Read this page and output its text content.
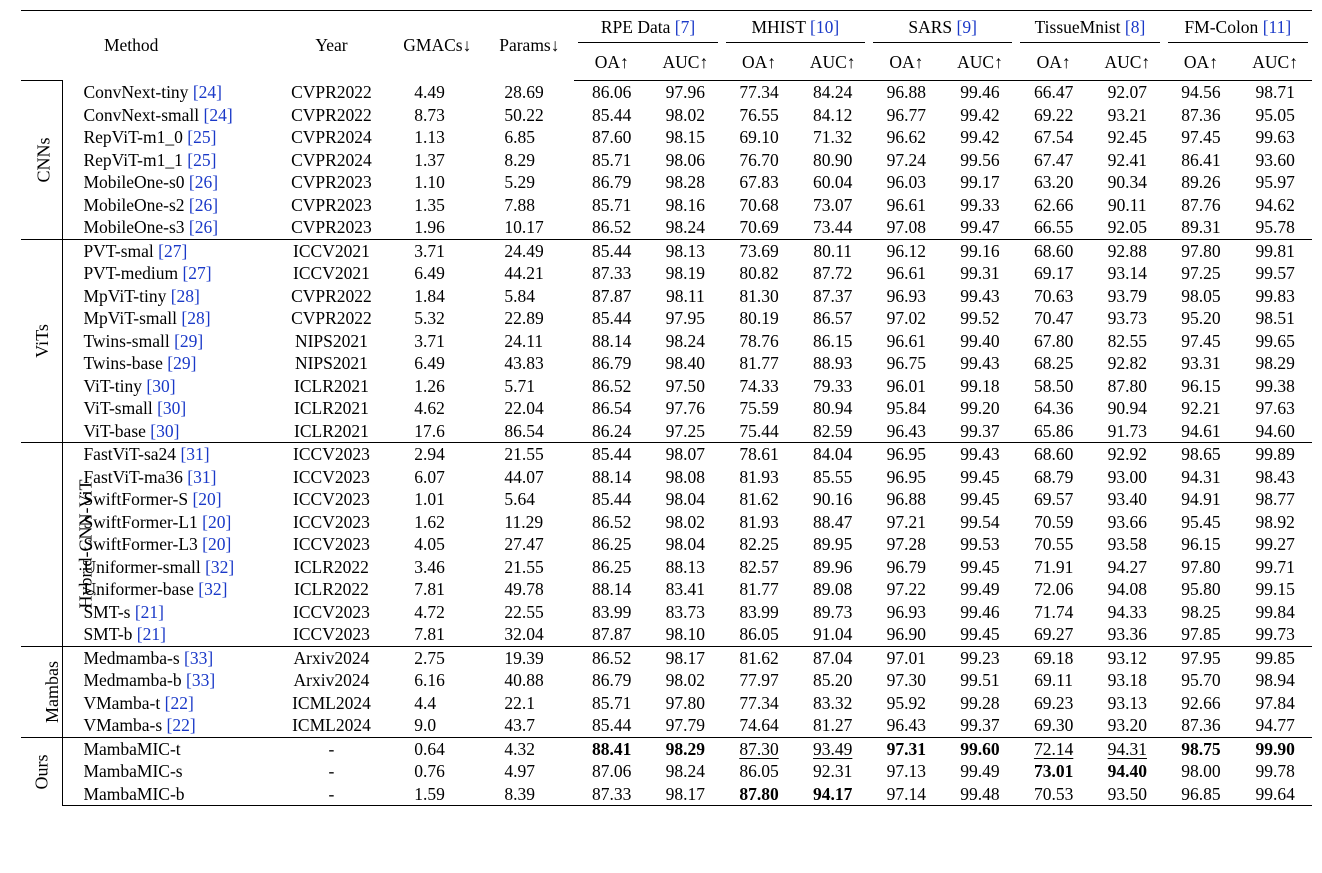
	Method	Year	GMACs↓	Params↓	RPE Data [7]		MHIST [10]		SARS [9]		TissueMnist [8]		FM-Colon [11]	

					OA↑	AUC↑	OA↑	AUC↑	OA↑	AUC↑	OA↑	AUC↑	OA↑	AUC↑
CNNs	ConvNext-tiny [24]	CVPR2022	4.49	28.69	86.06	97.96	77.34	84.24	96.88	99.46	66.47	92.07	94.56	98.71
	ConvNext-small [24]	CVPR2022	8.73	50.22	85.44	98.02	76.55	84.12	96.77	99.42	69.22	93.21	87.36	95.05
	RepViT-m1_0 [25]	CVPR2024	1.13	6.85	87.60	98.15	69.10	71.32	96.62	99.42	67.54	92.45	97.45	99.63
	RepViT-m1_1 [25]	CVPR2024	1.37	8.29	85.71	98.06	76.70	80.90	97.24	99.56	67.47	92.41	86.41	93.60
	MobileOne-s0 [26]	CVPR2023	1.10	5.29	86.79	98.28	67.83	60.04	96.03	99.17	63.20	90.34	89.26	95.97
	MobileOne-s2 [26]	CVPR2023	1.35	7.88	85.71	98.16	70.68	73.07	96.61	99.33	62.66	90.11	87.76	94.62
	MobileOne-s3 [26]	CVPR2023	1.96	10.17	86.52	98.24	70.69	73.44	97.08	99.47	66.55	92.05	89.31	95.78
ViTs	PVT-smal [27]	ICCV2021	3.71	24.49	85.44	98.13	73.69	80.11	96.12	99.16	68.60	92.88	97.80	99.81
	PVT-medium [27]	ICCV2021	6.49	44.21	87.33	98.19	80.82	87.72	96.61	99.31	69.17	93.14	97.25	99.57
	MpViT-tiny [28]	CVPR2022	1.84	5.84	87.87	98.11	81.30	87.37	96.93	99.43	70.63	93.79	98.05	99.83
	MpViT-small [28]	CVPR2022	5.32	22.89	85.44	97.95	80.19	86.57	97.02	99.52	70.47	93.73	95.20	98.51
	Twins-small [29]	NIPS2021	3.71	24.11	88.14	98.24	78.76	86.15	96.61	99.40	67.80	82.55	97.45	99.65
	Twins-base [29]	NIPS2021	6.49	43.83	86.79	98.40	81.77	88.93	96.75	99.43	68.25	92.82	93.31	98.29
	ViT-tiny [30]	ICLR2021	1.26	5.71	86.52	97.50	74.33	79.33	96.01	99.18	58.50	87.80	96.15	99.38
	ViT-small [30]	ICLR2021	4.62	22.04	86.54	97.76	75.59	80.94	95.84	99.20	64.36	90.94	92.21	97.63
	ViT-base [30]	ICLR2021	17.6	86.54	86.24	97.25	75.44	82.59	96.43	99.37	65.86	91.73	94.61	94.60
Hybrid-CNN-ViT	FastViT-sa24 [31]	ICCV2023	2.94	21.55	85.44	98.07	78.61	84.04	96.95	99.43	68.60	92.92	98.65	99.89
	FastViT-ma36 [31]	ICCV2023	6.07	44.07	88.14	98.08	81.93	85.55	96.95	99.45	68.79	93.00	94.31	98.43
	SwiftFormer-S [20]	ICCV2023	1.01	5.64	85.44	98.04	81.62	90.16	96.88	99.45	69.57	93.40	94.91	98.77
	SwiftFormer-L1 [20]	ICCV2023	1.62	11.29	86.52	98.02	81.93	88.47	97.21	99.54	70.59	93.66	95.45	98.92
	SwiftFormer-L3 [20]	ICCV2023	4.05	27.47	86.25	98.04	82.25	89.95	97.28	99.53	70.55	93.58	96.15	99.27
	Uniformer-small [32]	ICLR2022	3.46	21.55	86.25	88.13	82.57	89.96	96.79	99.45	71.91	94.27	97.80	99.71
	Uniformer-base [32]	ICLR2022	7.81	49.78	88.14	83.41	81.77	89.08	97.22	99.49	72.06	94.08	95.80	99.15
	SMT-s [21]	ICCV2023	4.72	22.55	83.99	83.73	83.99	89.73	96.93	99.46	71.74	94.33	98.25	99.84
	SMT-b [21]	ICCV2023	7.81	32.04	87.87	98.10	86.05	91.04	96.90	99.45	69.27	93.36	97.85	99.73
Mambas	Medmamba-s [33]	Arxiv2024	2.75	19.39	86.52	98.17	81.62	87.04	97.01	99.23	69.18	93.12	97.95	99.85
	Medmamba-b [33]	Arxiv2024	6.16	40.88	86.79	98.02	77.97	85.20	97.30	99.51	69.11	93.18	95.70	98.94
	VMamba-t [22]	ICML2024	4.4	22.1	85.71	97.80	77.34	83.32	95.92	99.28	69.23	93.13	92.66	97.84
	VMamba-s [22]	ICML2024	9.0	43.7	85.44	97.79	74.64	81.27	96.43	99.37	69.30	93.20	87.36	94.77
Ours	MambaMIC-t	-	0.64	4.32	88.41	98.29	87.30	93.49	97.31	99.60	72.14	94.31	98.75	99.90
	MambaMIC-s	-	0.76	4.97	87.06	98.24	86.05	92.31	97.13	99.49	73.01	94.40	98.00	99.78
	MambaMIC-b	-	1.59	8.39	87.33	98.17	87.80	94.17	97.14	99.48	70.53	93.50	96.85	99.64
